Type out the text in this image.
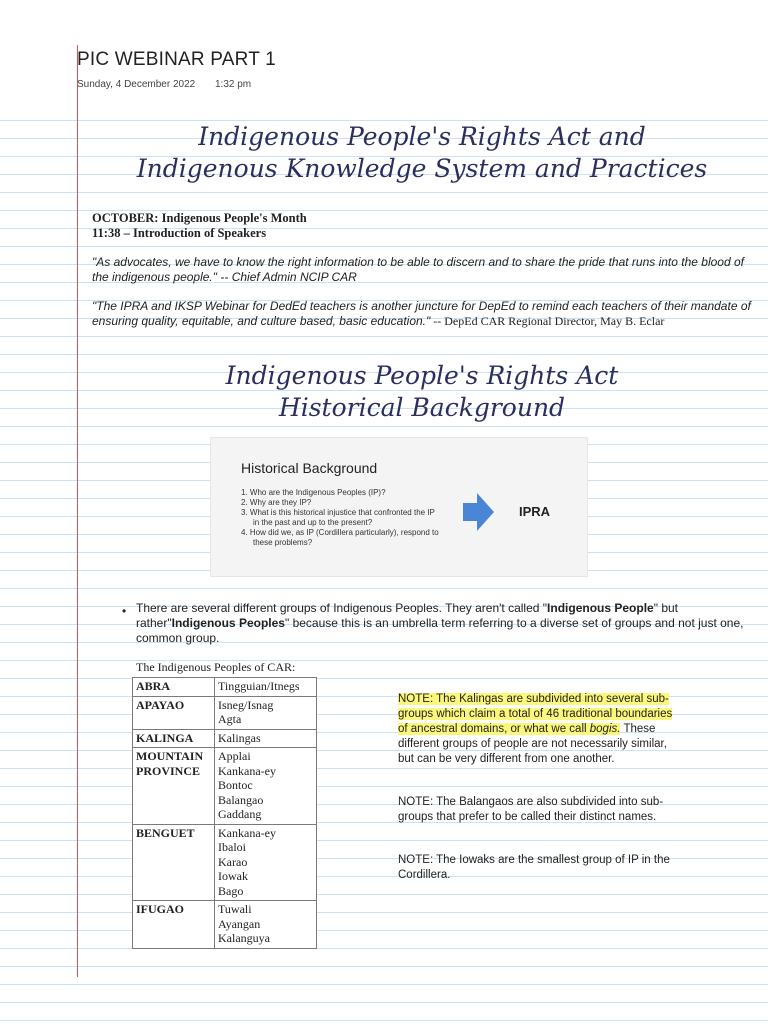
PIC WEBINAR PART 1
Sunday, 4 December 2022 1:32 pm
Indigenous People's Rights Act and
Indigenous Knowledge System and Practices
OCTOBER: Indigenous People's Month
11:38 – Introduction of Speakers
"As advocates, we have to know the right information to be able to discern and to share the pride that runs into the blood of the indigenous people." -- Chief Admin NCIP CAR
"The IPRA and IKSP Webinar for DedEd teachers is another juncture for DepEd to remind each teachers of their mandate of ensuring quality, equitable, and culture based, basic education." -- DepEd CAR Regional Director, May B. Eclar
Indigenous People's Rights Act
Historical Background
Historical Background
1. Who are the Indigenous Peoples (IP)?
2. Why are they IP?
3. What is this historical injustice that confronted the IP in the past and up to the present?
4. How did we, as IP (Cordillera particularly), respond to these problems?
IPRA
• There are several different groups of Indigenous Peoples. They aren't called "Indigenous People" but rather"Indigenous Peoples" because this is an umbrella term referring to a diverse set of groups and not just one, common group.
The Indigenous Peoples of CAR:
ABRA	Tingguian/Itnegs
APAYAO	Isneg/Isnag
Agta
KALINGA	Kalingas
MOUNTAIN PROVINCE	Applai
Kankana-ey
Bontoc
Balangao
Gaddang
BENGUET	Kankana-ey
Ibaloi
Karao
Iowak
Bago
IFUGAO	Tuwali
Ayangan
Kalanguya
NOTE: The Kalingas are subdivided into several sub-groups which claim a total of 46 traditional boundaries of ancestral domains, or what we call bogis. These different groups of people are not necessarily similar, but can be very different from one another.
NOTE: The Balangaos are also subdivided into sub-groups that prefer to be called their distinct names.
NOTE: The Iowaks are the smallest group of IP in the Cordillera.
